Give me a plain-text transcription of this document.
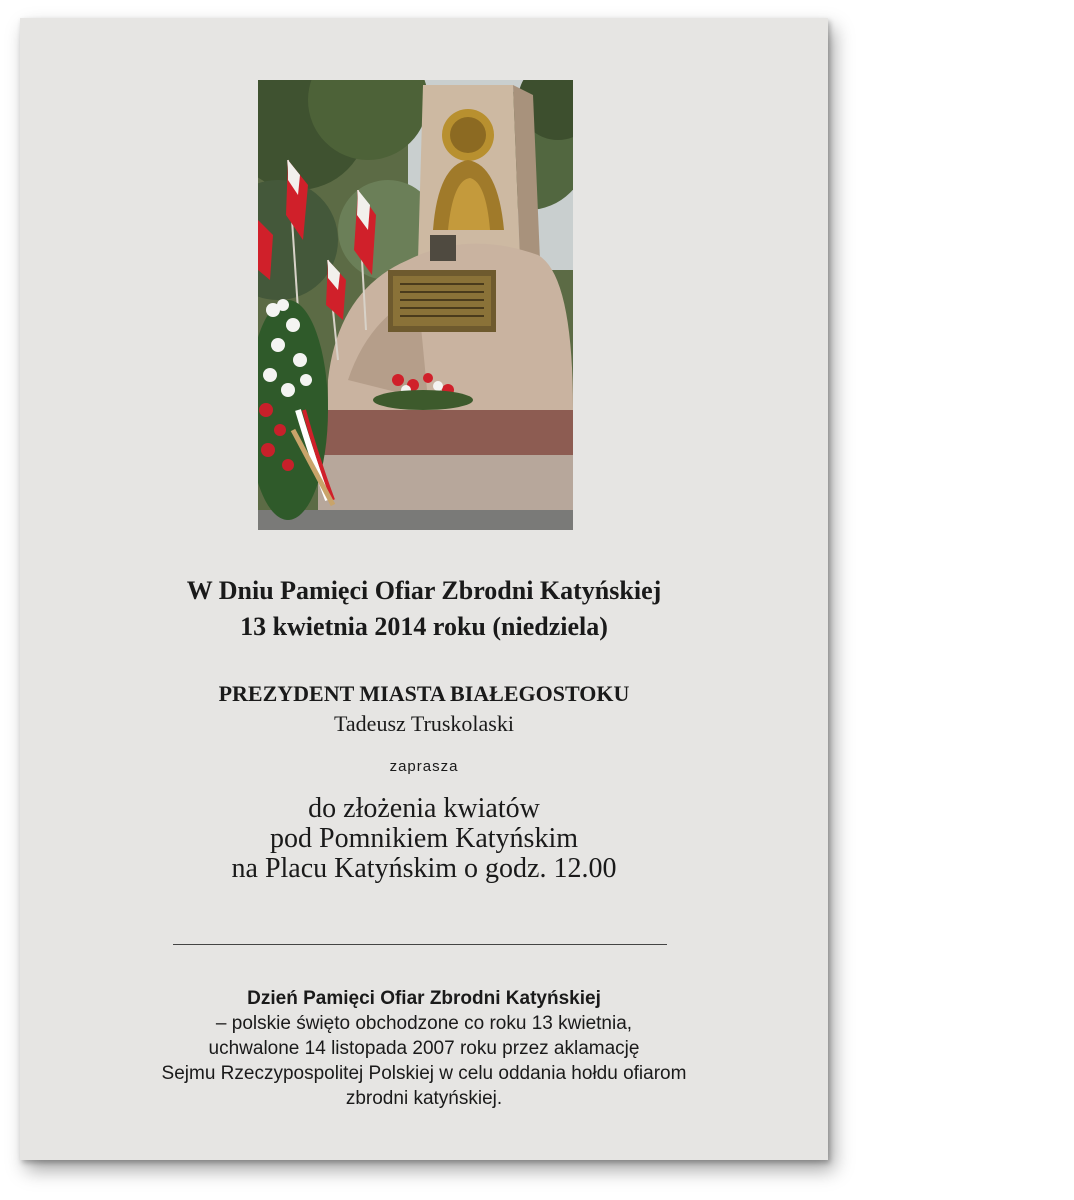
W Dniu Pamięci Ofiar Zbrodni Katyńskiej
13 kwietnia 2014 roku (niedziela)
PREZYDENT MIASTA BIAŁEGOSTOKU
Tadeusz Truskolaski
zaprasza
do złożenia kwiatów
pod Pomnikiem Katyńskim
na Placu Katyńskim o godz. 12.00
Dzień Pamięci Ofiar Zbrodni Katyńskiej
– polskie święto obchodzone co roku 13 kwietnia,
uchwalone 14 listopada 2007 roku przez aklamację
Sejmu Rzeczypospolitej Polskiej w celu oddania hołdu ofiarom
zbrodni katyńskiej.
